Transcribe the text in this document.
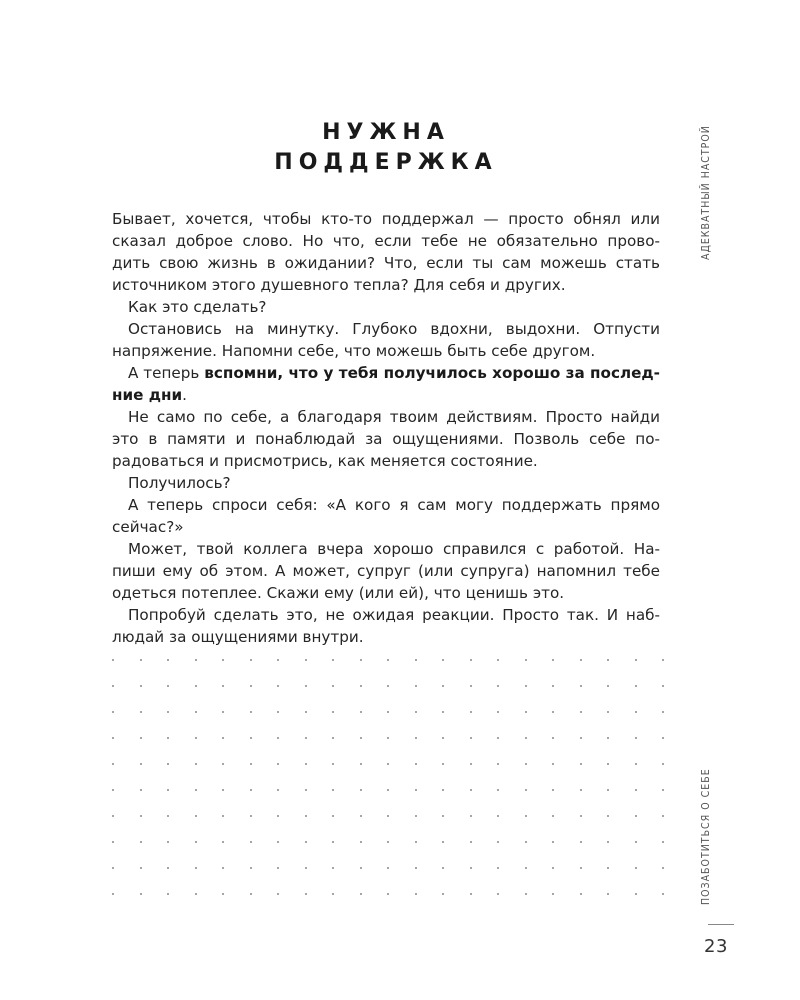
НУЖНА
ПОДДЕРЖКА
Бывает, хочется, чтобы кто-то поддержал — просто обнял или
сказал доброе слово. Но что, если тебе не обязательно прово-
дить свою жизнь в ожидании? Что, если ты сам можешь стать
источником этого душевного тепла? Для себя и других.
Как это сделать?
Остановись на минутку. Глубоко вдохни, выдохни. Отпусти
напряжение. Напомни себе, что можешь быть себе другом.
А теперь вспомни, что у тебя получилось хорошо за послед-
ние дни.
Не само по себе, а благодаря твоим действиям. Просто найди
это в памяти и понаблюдай за ощущениями. Позволь себе по-
радоваться и присмотрись, как меняется состояние.
Получилось?
А теперь спроси себя: «А кого я сам могу поддержать прямо
сейчас?»
Может, твой коллега вчера хорошо справился с работой. На-
пиши ему об этом. А может, супруг (или супруга) напомнил тебе
одеться потеплее. Скажи ему (или ей), что ценишь это.
Попробуй сделать это, не ожидая реакции. Просто так. И наб-
людай за ощущениями внутри.
АДЕКВАТНЫЙ НАСТРОЙ
ПОЗАБОТИТЬСЯ О СЕБЕ
23
